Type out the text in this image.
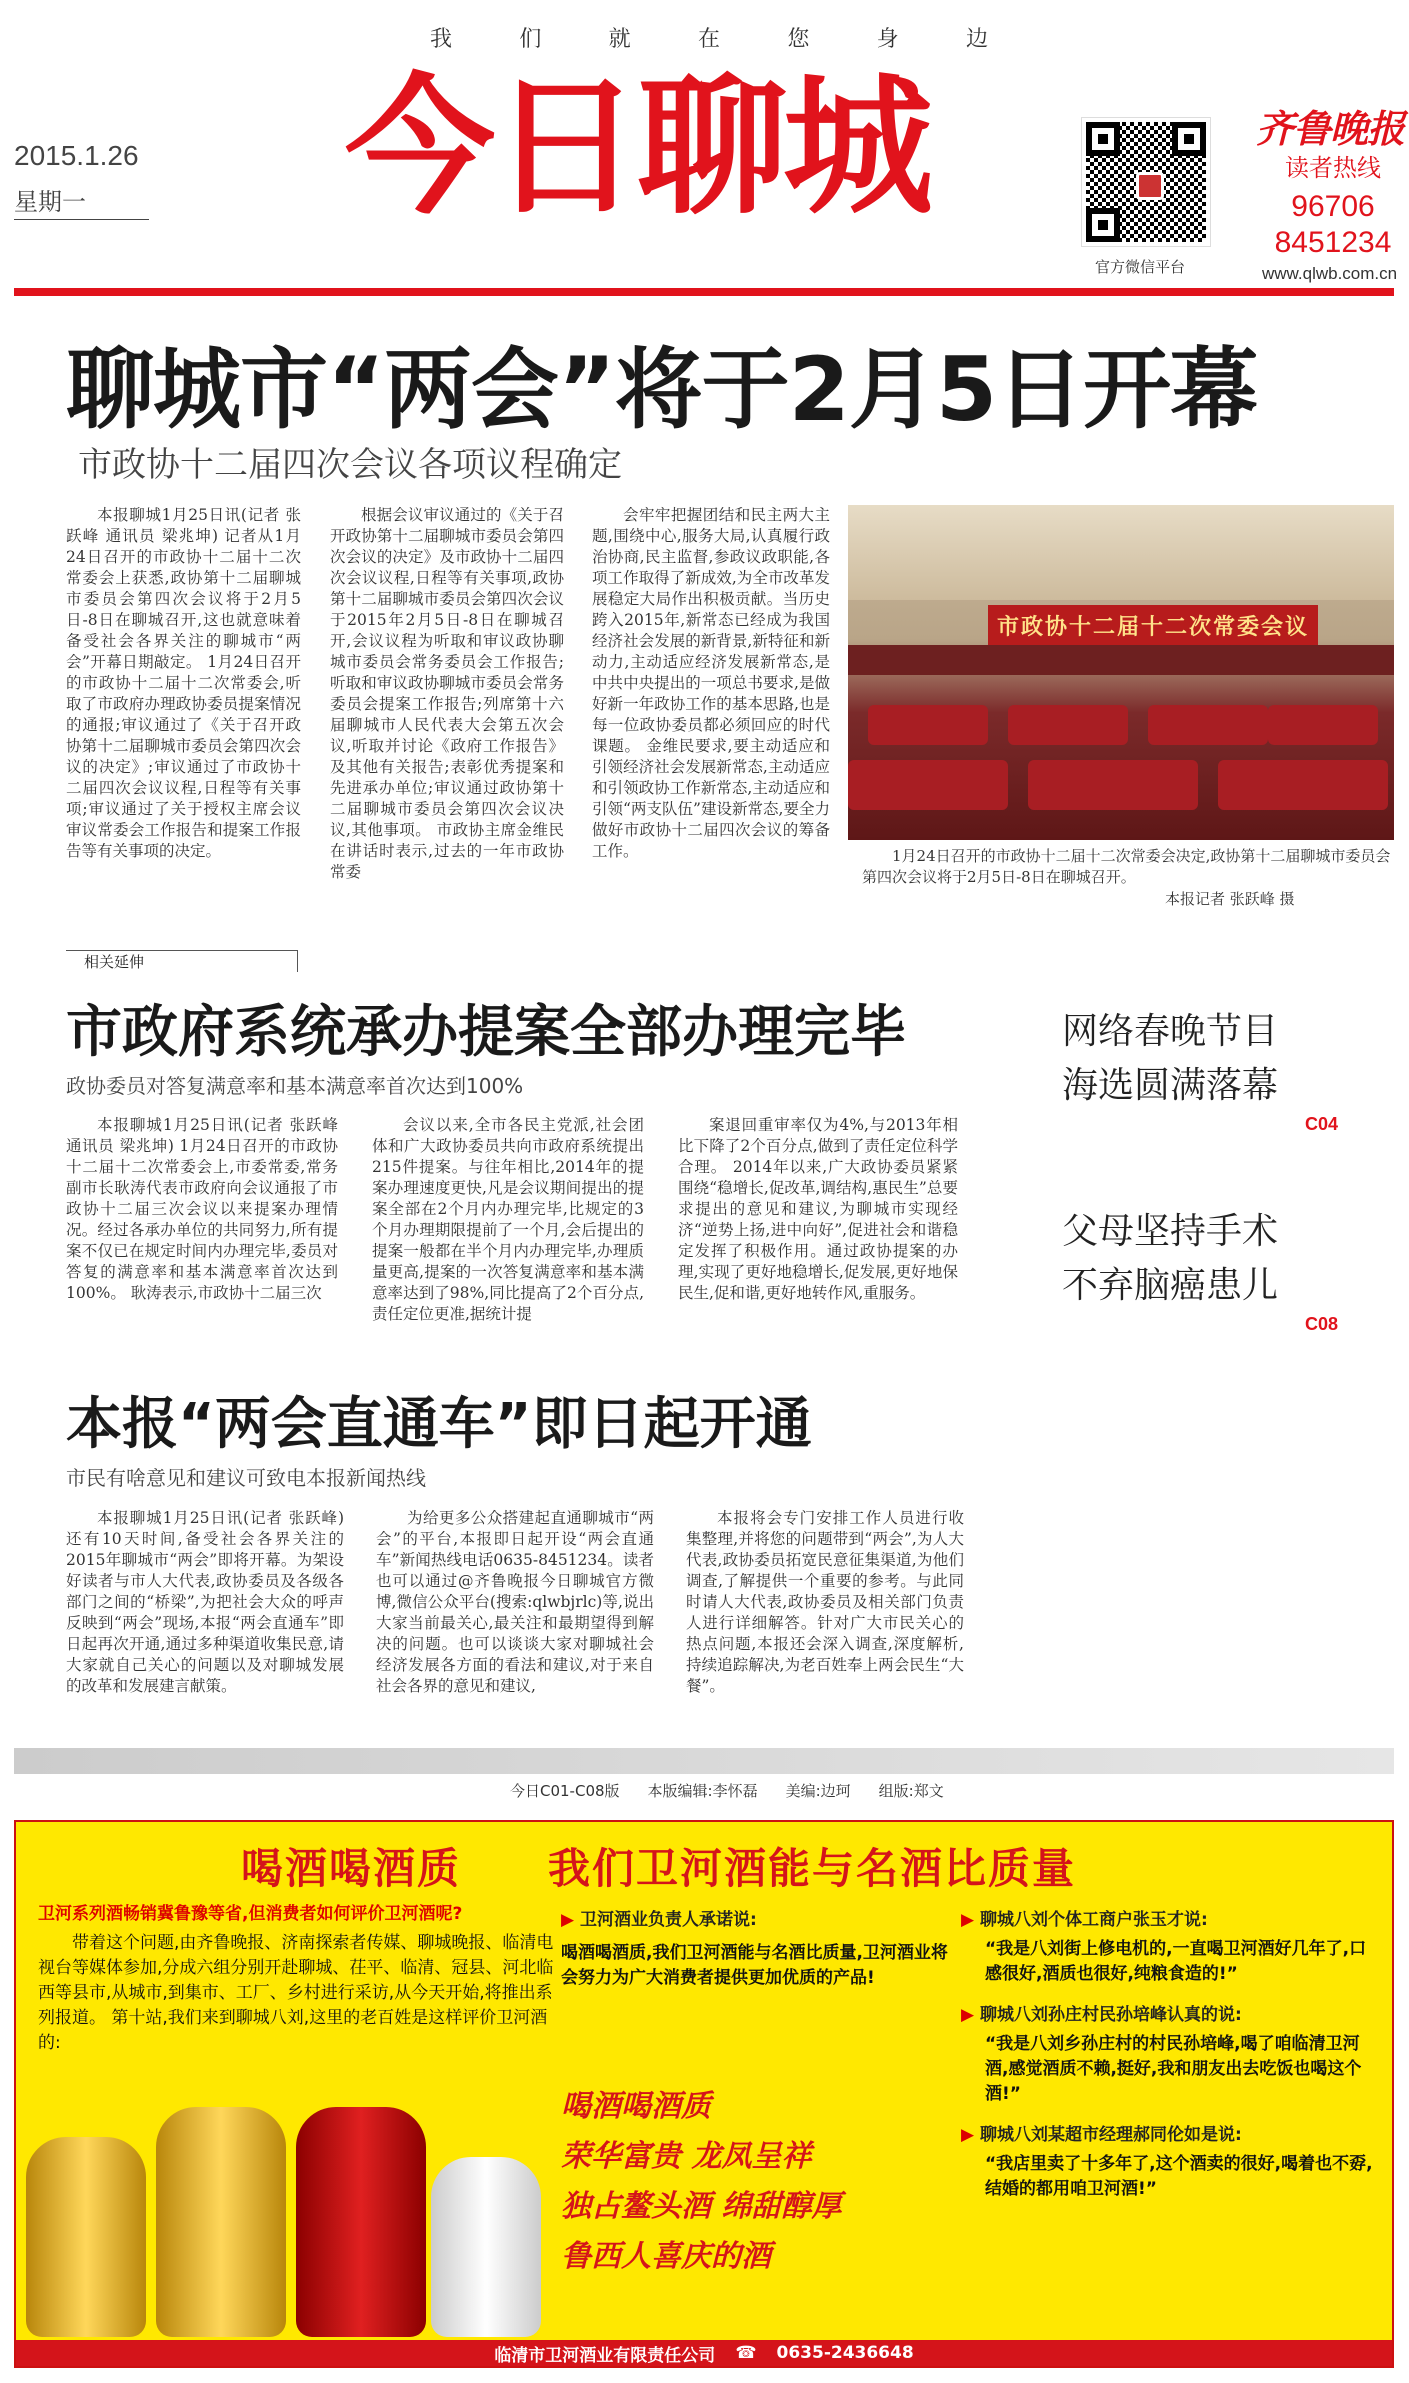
我	们	就	在	您	身	边
2015.1.26
星期一	今日聊城
官方微信平台
齐鲁晚报
读者热线
96706
8451234
www.qlwb.com.cn
聊城市“两会”将于2月5日开幕
市政协十二届四次会议各项议程确定

本报聊城1月25日讯(记者 张跃峰 通讯员 梁兆坤) 记者从1月24日召开的市政协十二届十二次常委会上获悉,政协第十二届聊城市委员会第四次会议将于2月5日-8日在聊城召开,这也就意味着备受社会各界关注的聊城市“两会”开幕日期敲定。 1月24日召开的市政协十二届十二次常委会,听取了市政府办理政协委员提案情况的通报;审议通过了《关于召开政协第十二届聊城市委员会第四次会议的决定》;审议通过了市政协十二届四次会议议程,日程等有关事项;审议通过了关于授权主席会议审议常委会工作报告和提案工作报告等有关事项的决定。

根据会议审议通过的《关于召开政协第十二届聊城市委员会第四次会议的决定》及市政协十二届四次会议议程,日程等有关事项,政协第十二届聊城市委员会第四次会议于2015年2月5日-8日在聊城召开,会议议程为听取和审议政协聊城市委员会常务委员会工作报告;听取和审议政协聊城市委员会常务委员会提案工作报告;列席第十六届聊城市人民代表大会第五次会议,听取并讨论《政府工作报告》及其他有关报告;表彰优秀提案和先进承办单位;审议通过政协第十二届聊城市委员会第四次会议决议,其他事项。 市政协主席金维民在讲话时表示,过去的一年市政协常委

会牢牢把握团结和民主两大主题,围绕中心,服务大局,认真履行政治协商,民主监督,参政议政职能,各项工作取得了新成效,为全市改革发展稳定大局作出积极贡献。当历史跨入2015年,新常态已经成为我国经济社会发展的新背景,新特征和新动力,主动适应经济发展新常态,是中共中央提出的一项总书要求,是做好新一年政协工作的基本思路,也是每一位政协委员都必须回应的时代课题。 金维民要求,要主动适应和引领经济社会发展新常态,主动适应和引领政协工作新常态,主动适应和引领“两支队伍”建设新常态,要全力做好市政协十二届四次会议的筹备工作。

市政协十二届十二次常委会议

1月24日召开的市政协十二届十二次常委会决定,政协第十二届聊城市委员会第四次会议将于2月5日-8日在聊城召开。

本报记者 张跃峰 摄
相关延伸
市政府系统承办提案全部办理完毕
政协委员对答复满意率和基本满意率首次达到100%

本报聊城1月25日讯(记者 张跃峰 通讯员 梁兆坤) 1月24日召开的市政协十二届十二次常委会上,市委常委,常务副市长耿涛代表市政府向会议通报了市政协十二届三次会议以来提案办理情况。经过各承办单位的共同努力,所有提案不仅已在规定时间内办理完毕,委员对答复的满意率和基本满意率首次达到100%。 耿涛表示,市政协十二届三次

会议以来,全市各民主党派,社会团体和广大政协委员共向市政府系统提出215件提案。与往年相比,2014年的提案办理速度更快,凡是会议期间提出的提案全部在2个月内办理完毕,比规定的3个月办理期限提前了一个月,会后提出的提案一般都在半个月内办理完毕,办理质量更高,提案的一次答复满意率和基本满意率达到了98%,同比提高了2个百分点,责任定位更准,据统计提

案退回重审率仅为4%,与2013年相比下降了2个百分点,做到了责任定位科学合理。 2014年以来,广大政协委员紧紧围绕“稳增长,促改革,调结构,惠民生”总要求提出的意见和建议,为聊城市实现经济“逆势上扬,进中向好”,促进社会和谐稳定发挥了积极作用。通过政协提案的办理,实现了更好地稳增长,促发展,更好地保民生,促和谐,更好地转作风,重服务。

网络春晚节目
海选圆满落幕
C04
父母坚持手术
不弃脑癌患儿
C08
本报“两会直通车”即日起开通
市民有啥意见和建议可致电本报新闻热线

本报聊城1月25日讯(记者 张跃峰) 还有10天时间,备受社会各界关注的2015年聊城市“两会”即将开幕。为架设好读者与市人大代表,政协委员及各级各部门之间的“桥梁”,为把社会大众的呼声反映到“两会”现场,本报“两会直通车”即日起再次开通,通过多种渠道收集民意,请大家就自己关心的问题以及对聊城发展的改革和发展建言献策。

为给更多公众搭建起直通聊城市“两会”的平台,本报即日起开设“两会直通车”新闻热线电话0635-8451234。读者也可以通过@齐鲁晚报今日聊城官方微博,微信公众平台(搜索:qlwbjrlc)等,说出大家当前最关心,最关注和最期望得到解决的问题。也可以谈谈大家对聊城社会经济发展各方面的看法和建议,对于来自社会各界的意见和建议,

本报将会专门安排工作人员进行收集整理,并将您的问题带到“两会”,为人大代表,政协委员拓宽民意征集渠道,为他们调查,了解提供一个重要的参考。与此同时请人大代表,政协委员及相关部门负责人进行详细解答。针对广大市民关心的热点问题,本报还会深入调查,深度解析,持续追踪解决,为老百姓奉上两会民生“大餐”。

今日C01-C08版 本版编辑:李怀磊 美编:边珂 组版:郑文
喝酒喝酒质 我们卫河酒能与名酒比质量
卫河系列酒畅销冀鲁豫等省,但消费者如何评价卫河酒呢?
带着这个问题,由齐鲁晚报、济南探索者传媒、聊城晚报、临清电视台等媒体参加,分成六组分别开赴聊城、茌平、临清、冠县、河北临西等县市,从城市,到集市、工厂、乡村进行采访,从今天开始,将推出系列报道。 第十站,我们来到聊城八刘,这里的老百姓是这样评价卫河酒的:
▶ 卫河酒业负责人承诺说:
喝酒喝酒质,我们卫河酒能与名酒比质量,卫河酒业将会努力为广大消费者提供更加优质的产品!
喝酒喝酒质
荣华富贵 龙凤呈祥
独占鳌头酒 绵甜醇厚
鲁西人喜庆的酒
▶ 聊城八刘个体工商户张玉才说:
“我是八刘街上修电机的,一直喝卫河酒好几年了,口感很好,酒质也很好,纯粮食造的!”
▶ 聊城八刘孙庄村民孙培峰认真的说:
“我是八刘乡孙庄村的村民孙培峰,喝了咱临清卫河酒,感觉酒质不赖,挺好,我和朋友出去吃饭也喝这个酒!”
▶ 聊城八刘某超市经理郝同伦如是说:
“我店里卖了十多年了,这个酒卖的很好,喝着也不孬,结婚的都用咱卫河酒!”
临清市卫河酒业有限责任公司 ☎ 0635-2436648
